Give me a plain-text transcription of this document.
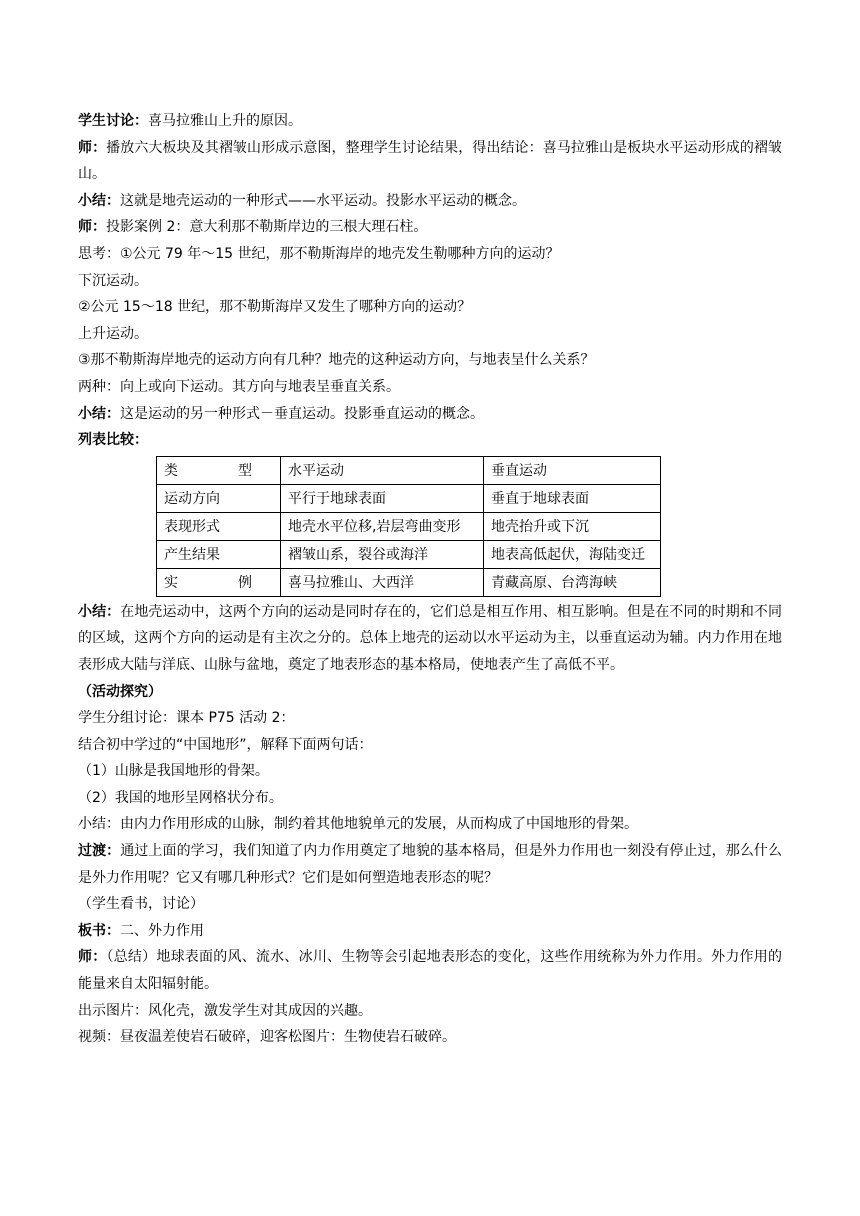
学生讨论：喜马拉雅山上升的原因。
师：播放六大板块及其褶皱山形成示意图，整理学生讨论结果，得出结论：喜马拉雅山是板块水平运动形成的褶皱山。
小结：这就是地壳运动的一种形式——水平运动。投影水平运动的概念。
师：投影案例 2：意大利那不勒斯岸边的三根大理石柱。
思考：①公元 79 年～15 世纪，那不勒斯海岸的地壳发生勒哪种方向的运动？
下沉运动。
②公元 15～18 世纪，那不勒斯海岸又发生了哪种方向的运动？
上升运动。
③那不勒斯海岸地壳的运动方向有几种？地壳的这种运动方向，与地表呈什么关系？
两种：向上或向下运动。其方向与地表呈垂直关系。
小结：这是运动的另一种形式－垂直运动。投影垂直运动的概念。
列表比较：
类 型	水平运动	垂直运动
运动方向	平行于地球表面	垂直于地球表面
表现形式	地壳水平位移,岩层弯曲变形	地壳抬升或下沉
产生结果	褶皱山系，裂谷或海洋	地表高低起伏，海陆变迁

实 例	喜马拉雅山、大西洋	青藏高原、台湾海峡
小结：在地壳运动中，这两个方向的运动是同时存在的，它们总是相互作用、相互影响。但是在不同的时期和不同的区域，这两个方向的运动是有主次之分的。总体上地壳的运动以水平运动为主，以垂直运动为辅。内力作用在地表形成大陆与洋底、山脉与盆地，奠定了地表形态的基本格局，使地表产生了高低不平。
（活动探究）
学生分组讨论：课本 P75 活动 2：
结合初中学过的“中国地形”，解释下面两句话：
（1）山脉是我国地形的骨架。
（2）我国的地形呈网格状分布。
小结：由内力作用形成的山脉，制约着其他地貌单元的发展，从而构成了中国地形的骨架。
过渡：通过上面的学习，我们知道了内力作用奠定了地貌的基本格局，但是外力作用也一刻没有停止过，那么什么是外力作用呢？它又有哪几种形式？它们是如何塑造地表形态的呢？
（学生看书，讨论）
板书：二、外力作用
师：（总结）地球表面的风、流水、冰川、生物等会引起地表形态的变化，这些作用统称为外力作用。外力作用的能量来自太阳辐射能。
出示图片：风化壳，激发学生对其成因的兴趣。
视频：昼夜温差使岩石破碎，迎客松图片：生物使岩石破碎。
